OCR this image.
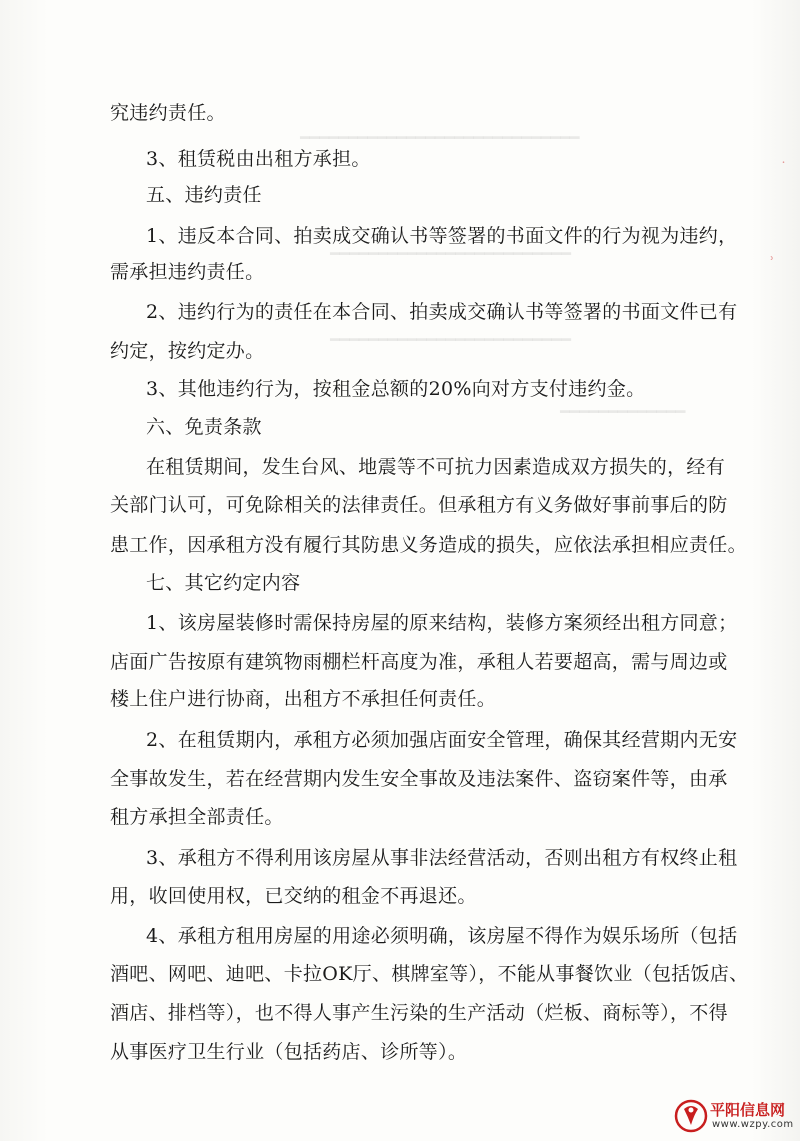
━━━━━━━━━━━━━━━━━━━━━━━━━━━━━
━━━━━━━━━━━━━━━━━━━━━━━━━
━━━━━━━━━━━━━━━━━━━━━━━━━
━━━━━━━━━━━━━
˙
ʾ
究违约责任。
3、租赁税由出租方承担。
五、违约责任
1、违反本合同、拍卖成交确认书等签署的书面文件的行为视为违约，
需承担违约责任。
2、违约行为的责任在本合同、拍卖成交确认书等签署的书面文件已有
约定，按约定办。
3、其他违约行为，按租金总额的20%向对方支付违约金。
六、免责条款
在租赁期间，发生台风、地震等不可抗力因素造成双方损失的，经有
关部门认可，可免除相关的法律责任。但承租方有义务做好事前事后的防
患工作，因承租方没有履行其防患义务造成的损失，应依法承担相应责任。
七、其它约定内容
1、该房屋装修时需保持房屋的原来结构，装修方案须经出租方同意；
店面广告按原有建筑物雨棚栏杆高度为准，承租人若要超高，需与周边或
楼上住户进行协商，出租方不承担任何责任。
2、在租赁期内，承租方必须加强店面安全管理，确保其经营期内无安
全事故发生，若在经营期内发生安全事故及违法案件、盗窃案件等，由承
租方承担全部责任。
3、承租方不得利用该房屋从事非法经营活动，否则出租方有权终止租
用，收回使用权，已交纳的租金不再退还。
4、承租方租用房屋的用途必须明确，该房屋不得作为娱乐场所（包括
酒吧、网吧、迪吧、卡拉OK厅、棋牌室等），不能从事餐饮业（包括饭店、
酒店、排档等），也不得人事产生污染的生产活动（烂板、商标等），不得
从事医疗卫生行业（包括药店、诊所等）。
平阳信息网
www.wzpy.com
